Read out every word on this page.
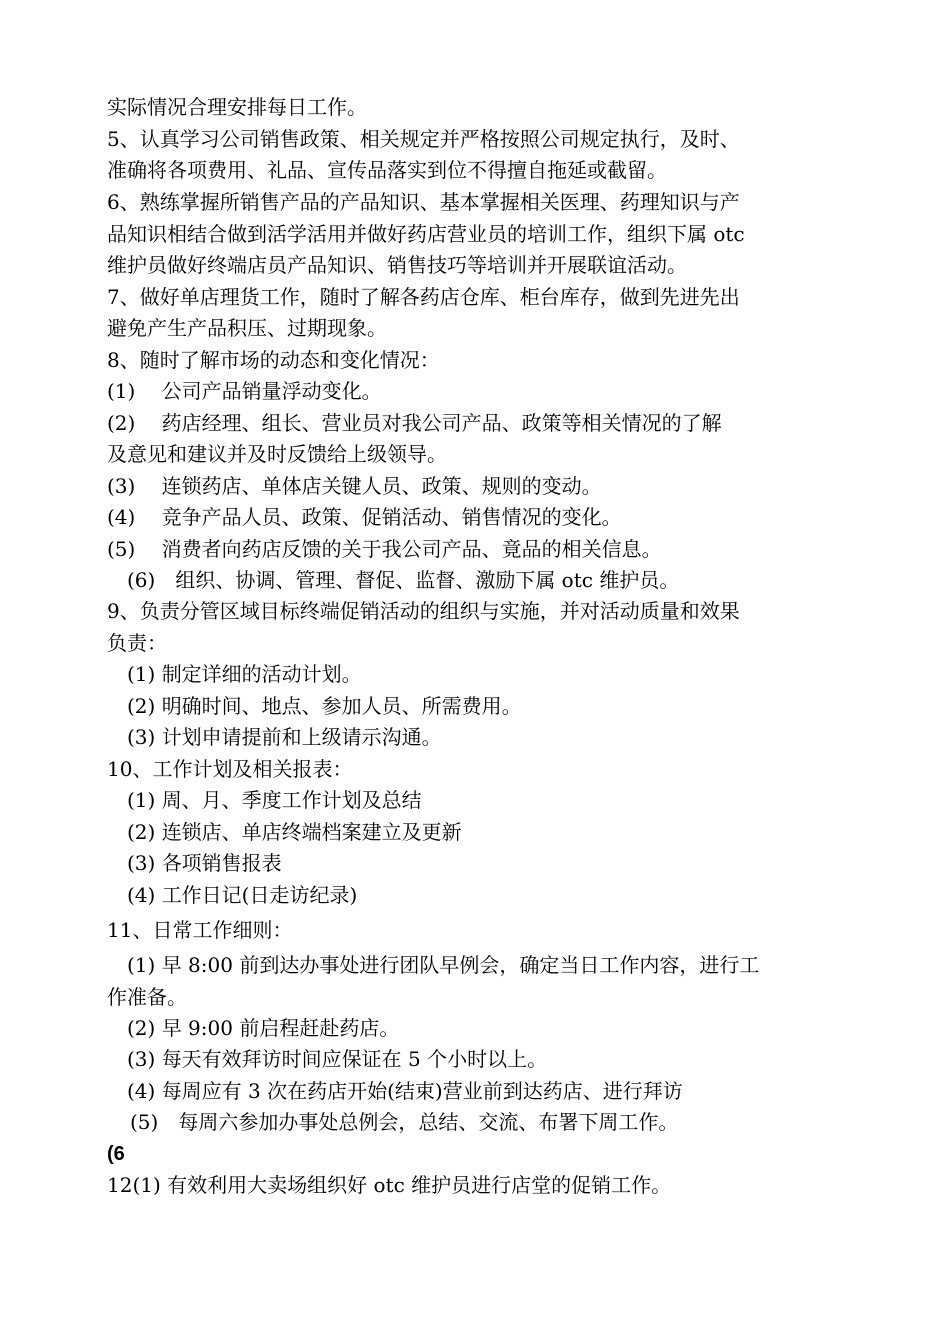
实际情况合理安排每日工作。
5、认真学习公司销售政策、相关规定并严格按照公司规定执行，及时、
准确将各项费用、礼品、宣传品落实到位不得擅自拖延或截留。
6、熟练掌握所销售产品的产品知识、基本掌握相关医理、药理知识与产
品知识相结合做到活学活用并做好药店营业员的培训工作，组织下属 otc
维护员做好终端店员产品知识、销售技巧等培训并开展联谊活动。
7、做好单店理货工作，随时了解各药店仓库、柜台库存，做到先进先出
避免产生产品积压、过期现象。
8、随时了解市场的动态和变化情况：
(1)　 公司产品销量浮动变化。
(2)　 药店经理、组长、营业员对我公司产品、政策等相关情况的了解
及意见和建议并及时反馈给上级领导。
(3)　 连锁药店、单体店关键人员、政策、规则的变动。
(4)　 竞争产品人员、政策、促销活动、销售情况的变化。
(5)　 消费者向药店反馈的关于我公司产品、竟品的相关信息。
(6)　组织、协调、管理、督促、监督、激励下属 otc 维护员。
9、负责分管区域目标终端促销活动的组织与实施，并对活动质量和效果
负责：
(1) 制定详细的活动计划。
(2) 明确时间、地点、参加人员、所需费用。
(3) 计划申请提前和上级请示沟通。
10、工作计划及相关报表：
(1) 周、月、季度工作计划及总结
(2) 连锁店、单店终端档案建立及更新
(3) 各项销售报表
(4) 工作日记(日走访纪录)
11、日常工作细则：
(1) 早 8:00 前到达办事处进行团队早例会，确定当日工作内容，进行工
作准备。
(2) 早 9:00 前启程赶赴药店。
(3) 每天有效拜访时间应保证在 5 个小时以上。
(4) 每周应有 3 次在药店开始(结束)营业前到达药店、进行拜访
(5)　每周六参加办事处总例会，总结、交流、布署下周工作。
(6
12(1) 有效利用大卖场组织好 otc 维护员进行店堂的促销工作。
